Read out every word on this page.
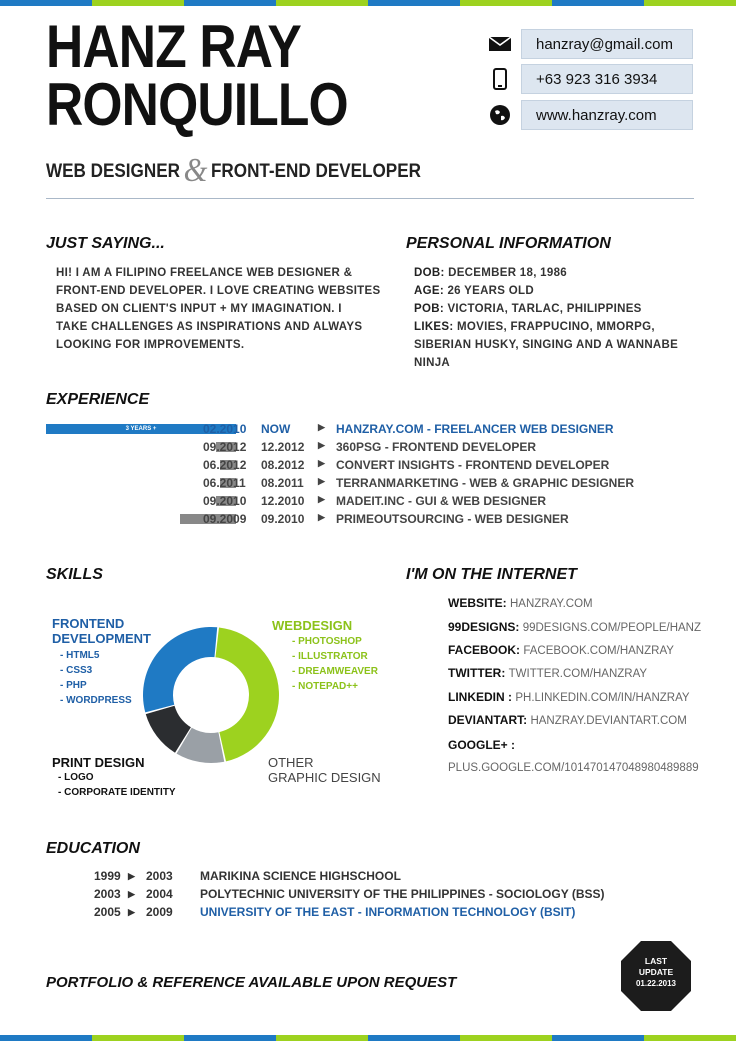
HANZ RAY
RONQUILLO
WEB DESIGNER & FRONT-END DEVELOPER
hanzray@gmail.com
+63 923 316 3934
www.hanzray.com
JUST SAYING...
HI! I AM A FILIPINO FREELANCE WEB DESIGNER &
FRONT-END DEVELOPER. I LOVE CREATING WEBSITES
BASED ON CLIENT'S INPUT + MY IMAGINATION. I
TAKE CHALLENGES AS INSPIRATIONS AND ALWAYS
LOOKING FOR IMPROVEMENTS.
PERSONAL INFORMATION
DOB: DECEMBER 18, 1986
AGE: 26 YEARS OLD
POB: VICTORIA, TARLAC, PHILIPPINES
LIKES: MOVIES, FRAPPUCINO, MMORPG,
SIBERIAN HUSKY, SINGING AND A WANNABE
NINJA
EXPERIENCE
3 YEARS +	02.2010 NOW	▶ HANZRAY.COM - FREELANCER WEB DESIGNER
09.2012 12.2012 ▶ 360PSG - FRONTEND DEVELOPER
06.2012 08.2012 ▶ CONVERT INSIGHTS - FRONTEND DEVELOPER
06.2011 08.2011 ▶ TERRANMARKETING - WEB & GRAPHIC DESIGNER
09.2010 12.2010 ▶ MADEIT.INC - GUI & WEB DESIGNER
09.2009 09.2010 ▶ PRIMEOUTSOURCING - WEB DESIGNER
SKILLS
FRONTEND
DEVELOPMENT
- HTML5
- CSS3
- PHP
- WORDPRESS
WEBDESIGN
- PHOTOSHOP
- ILLUSTRATOR
- DREAMWEAVER
- NOTEPAD++
PRINT DESIGN
- LOGO
- CORPORATE IDENTITY
OTHER
GRAPHIC DESIGN
I'M ON THE INTERNET
WEBSITE: HANZRAY.COM
99DESIGNS: 99DESIGNS.COM/PEOPLE/HANZ
FACEBOOK: FACEBOOK.COM/HANZRAY
TWITTER: TWITTER.COM/HANZRAY
LINKEDIN : PH.LINKEDIN.COM/IN/HANZRAY
DEVIANTART: HANZRAY.DEVIANTART.COM
GOOGLE+ :
PLUS.GOOGLE.COM/101470147048980489889
EDUCATION
1999 ▶ 2003 MARIKINA SCIENCE HIGHSCHOOL
2003 ▶ 2004 POLYTECHNIC UNIVERSITY OF THE PHILIPPINES - SOCIOLOGY (BSS)
2005 ▶ 2009 UNIVERSITY OF THE EAST - INFORMATION TECHNOLOGY (BSIT)
PORTFOLIO & REFERENCE AVAILABLE UPON REQUEST
LAST
UPDATE
01.22.2013
